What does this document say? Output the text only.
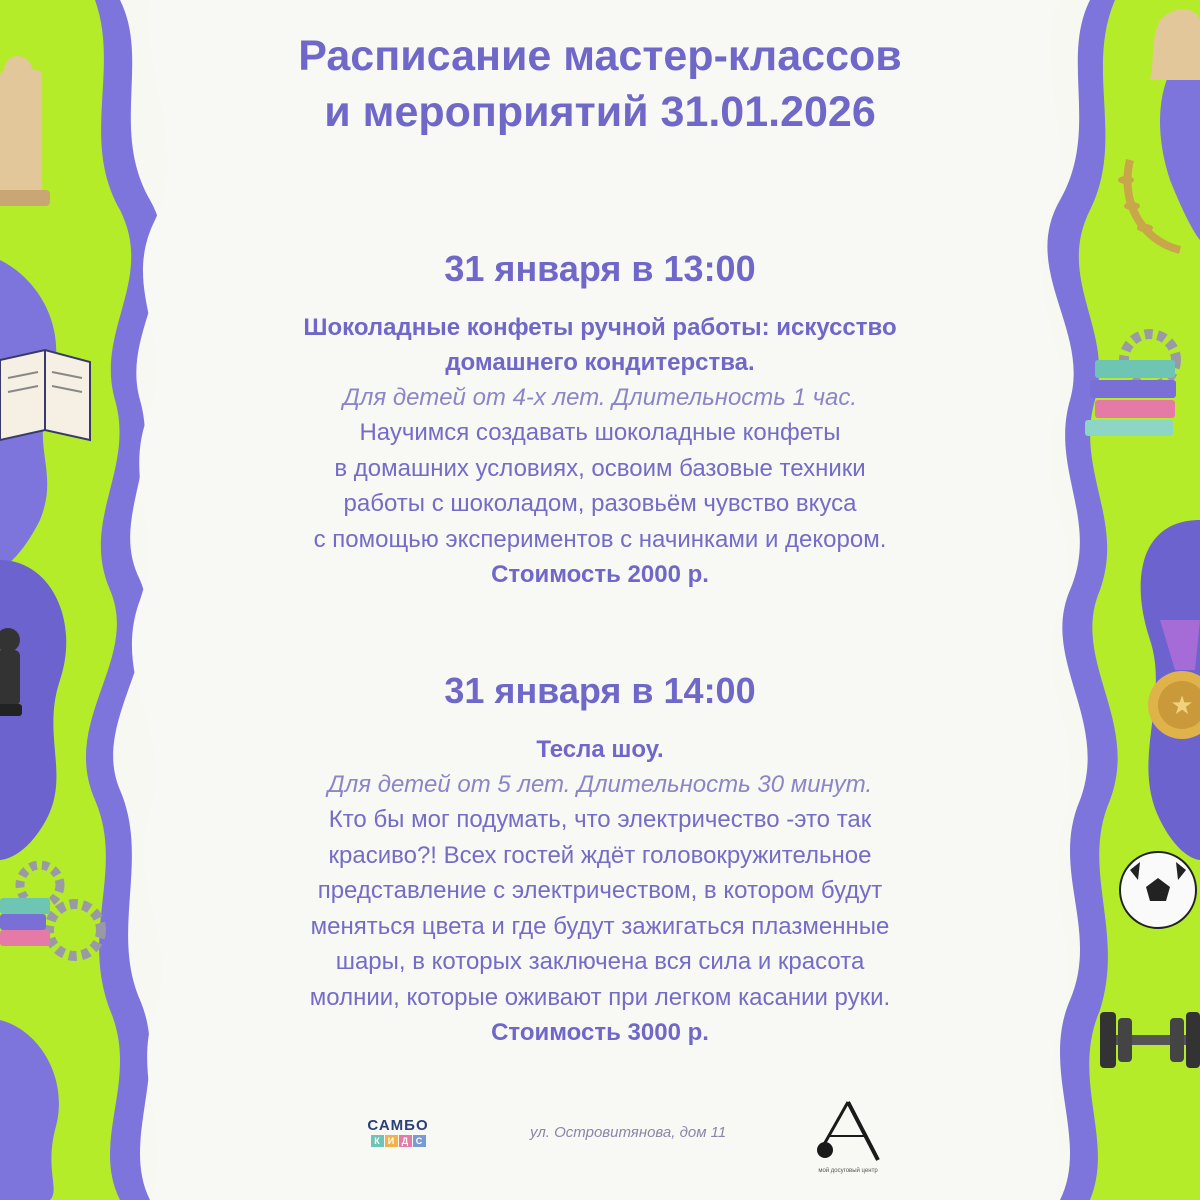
★
Расписание мастер-классов
и мероприятий 31.01.2026
31 января в 13:00
Шоколадные конфеты ручной работы: искусство
домашнего кондитерства.
Для детей от 4-х лет. Длительность 1 час.
Научимся создавать шоколадные конфеты
в домашних условиях, освоим базовые техники
работы с шоколадом, разовьём чувство вкуса
с помощью экспериментов с начинками и декором.
Стоимость 2000 р.
31 января в 14:00
Тесла шоу.
Для детей от 5 лет. Длительность 30 минут.
Кто бы мог подумать, что электричество -это так
красиво?! Всех гостей ждёт головокружительное
представление с электричеством, в котором будут
меняться цвета и где будут зажигаться плазменные
шары, в которых заключена вся сила и красота
молнии, которые оживают при легком касании руки.
Стоимость 3000 р.
САМБО
К И Д С	ул. Островитянова, дом 11
мой досуговый центр
